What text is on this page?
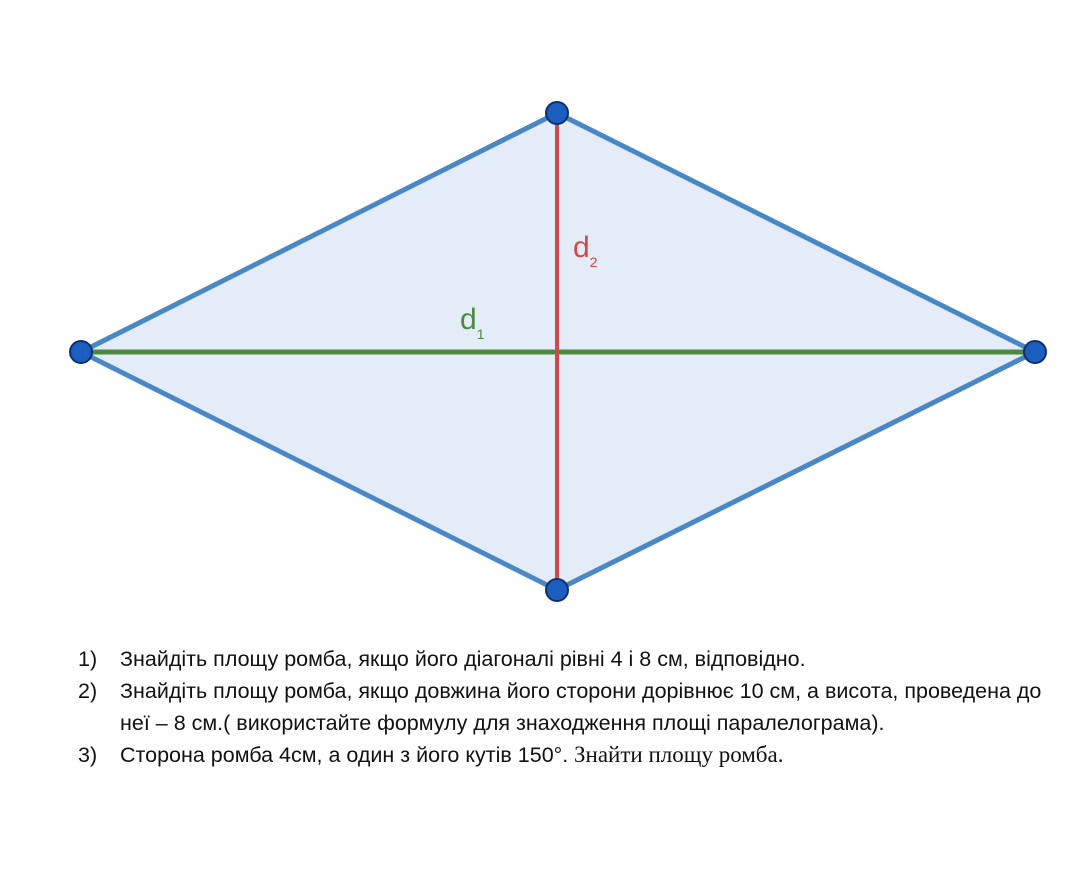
$d_1$
$d_2$
1) Знайдіть площу ромба, якщо його діагоналі рівні 4 і 8 см, відповідно.
2) Знайдіть площу ромба, якщо довжина його сторони дорівнює 10 см, а висота, проведена до неї – 8 см.( використайте формулу для знаходження площі паралелограма).
3) Сторона ромба 4см, а один з його кутів 150°. Знайти площу ромба.
